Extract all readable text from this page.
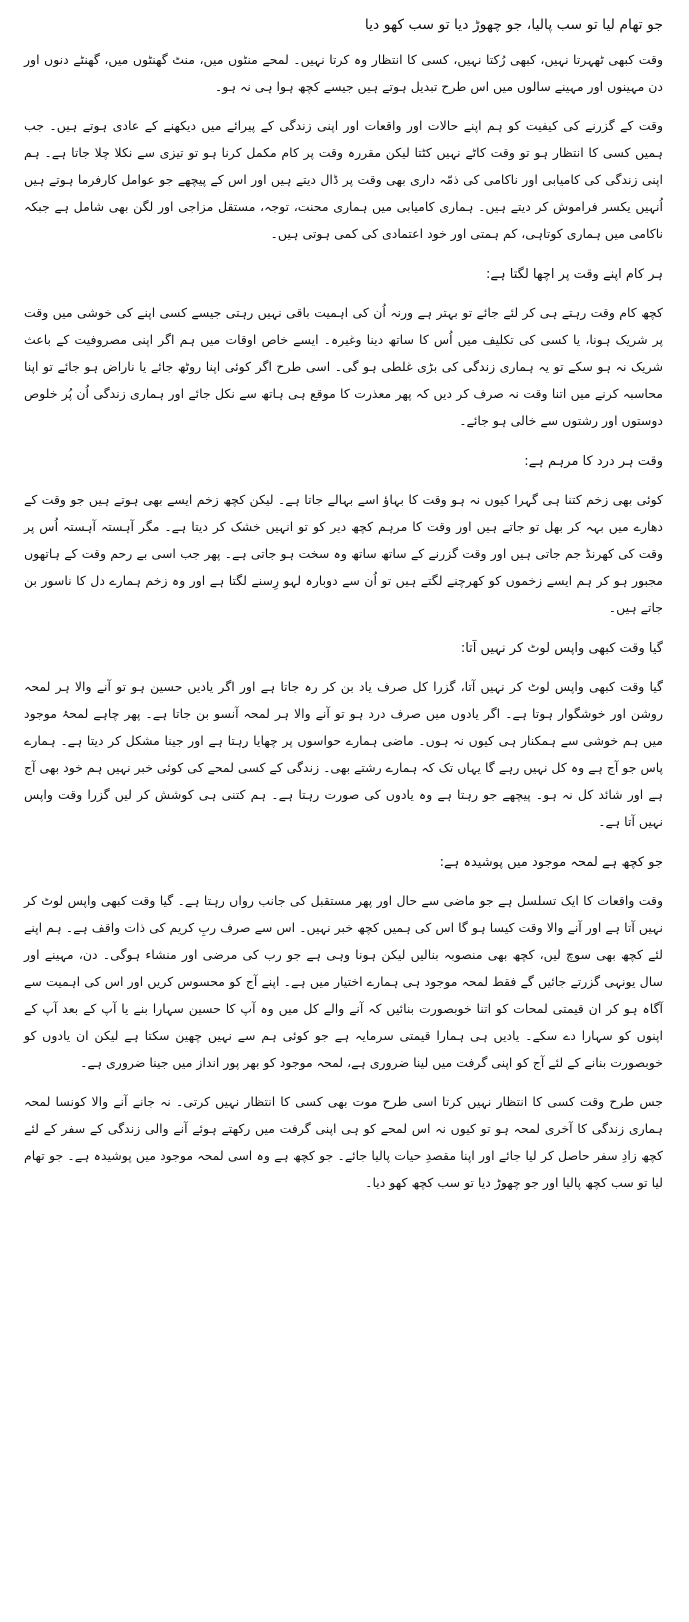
جو تھام لیا تو سب پالیا، جو چھوڑ دیا تو سب کھو دیا

وقت کبھی ٹھہرتا نہیں، کبھی رُکتا نہیں، کسی کا انتظار وہ کرتا نہیں۔ لمحے منٹوں میں، منٹ گھنٹوں میں، گھنٹے دنوں اور دن مہینوں اور مہینے سالوں میں اس طرح تبدیل ہوتے ہیں جیسے کچھ ہوا ہی نہ ہو۔

وقت کے گزرنے کی کیفیت کو ہم اپنے حالات اور واقعات اور اپنی زندگی کے پیرائے میں دیکھنے کے عادی ہوتے ہیں۔ جب ہمیں کسی کا انتظار ہو تو وقت کاٹے نہیں کٹتا لیکن مقررہ وقت پر کام مکمل کرنا ہو تو تیزی سے نکلا چلا جاتا ہے۔ ہم اپنی زندگی کی کامیابی اور ناکامی کی ذمّہ داری بھی وقت پر ڈال دیتے ہیں اور اس کے پیچھے جو عوامل کارفرما ہوتے ہیں اُنہیں یکسر فراموش کر دیتے ہیں۔ ہماری کامیابی میں ہماری محنت، توجہ، مستقل مزاجی اور لگن بھی شامل ہے جبکہ ناکامی میں ہماری کوتاہی، کم ہمتی اور خود اعتمادی کی کمی ہوتی ہیں۔

ہر کام اپنے وقت پر اچھا لگتا ہے:

کچھ کام وقت رہتے ہی کر لئے جائے تو بہتر ہے ورنہ اُن کی اہمیت باقی نہیں رہتی جیسے کسی اپنے کی خوشی میں وقت پر شریک ہونا، یا کسی کی تکلیف میں اُس کا ساتھ دینا وغیرہ۔ ایسے خاص اوقات میں ہم اگر اپنی مصروفیت کے باعث شریک نہ ہو سکے تو یہ ہماری زندگی کی بڑی غلطی ہو گی۔ اسی طرح اگر کوئی اپنا روٹھ جائے یا ناراض ہو جائے تو اپنا محاسبہ کرنے میں اتنا وقت نہ صرف کر دیں کہ پھر معذرت کا موقع ہی ہاتھ سے نکل جائے اور ہماری زندگی اُن پُر خلوص دوستوں اور رشتوں سے خالی ہو جائے۔

وقت ہر درد کا مرہم ہے:

کوئی بھی زخم کتنا ہی گہرا کیوں نہ ہو وقت کا بہاؤ اسے بہالے جاتا ہے۔ لیکن کچھ زخم ایسے بھی ہوتے ہیں جو وقت کے دھارے میں بہہ کر بھل تو جاتے ہیں اور وقت کا مرہم کچھ دیر کو تو انہیں خشک کر دیتا ہے۔ مگر آہستہ آہستہ اُس پر وقت کی کھرنڈ جم جاتی ہیں اور وقت گزرنے کے ساتھ ساتھ وہ سخت ہو جاتی ہے۔ پھر جب اسی بے رحم وقت کے ہاتھوں مجبور ہو کر ہم ایسے زخموں کو کھرچنے لگتے ہیں تو اُن سے دوبارہ لہو رِسنے لگتا ہے اور وہ زخم ہمارے دل کا ناسور بن جاتے ہیں۔

گیا وقت کبھی واپس لوٹ کر نہیں آتا:

گیا وقت کبھی واپس لوٹ کر نہیں آتا، گزرا کل صرف یاد بن کر رہ جاتا ہے اور اگر یادیں حسین ہو تو آنے والا ہر لمحہ روشن اور خوشگوار ہوتا ہے۔ اگر یادوں میں صرف درد ہو تو آنے والا ہر لمحہ آنسو بن جاتا ہے۔ پھر چاہے لمحۂ موجود میں ہم خوشی سے ہمکنار ہی کیوں نہ ہوں۔ ماضی ہمارے حواسوں پر چھایا رہتا ہے اور جینا مشکل کر دیتا ہے۔ ہمارے پاس جو آج ہے وہ کل نہیں رہے گا یہاں تک کہ ہمارے رشتے بھی۔ زندگی کے کسی لمحے کی کوئی خبر نہیں ہم خود بھی آج ہے اور شائد کل نہ ہو۔ پیچھے جو رہتا ہے وہ یادوں کی صورت رہتا ہے۔ ہم کتنی ہی کوشش کر لیں گزرا وقت واپس نہیں آتا ہے۔

جو کچھ ہے لمحہ موجود میں پوشیدہ ہے:

وقت واقعات کا ایک تسلسل ہے جو ماضی سے حال اور پھر مستقبل کی جانب رواں رہتا ہے۔ گیا وقت کبھی واپس لوٹ کر نہیں آتا ہے اور آنے والا وقت کیسا ہو گا اس کی ہمیں کچھ خبر نہیں۔ اس سے صرف ربِ کریم کی ذات واقف ہے۔ ہم اپنے لئے کچھ بھی سوچ لیں، کچھ بھی منصوبہ بنالیں لیکن ہونا وہی ہے جو رب کی مرضی اور منشاء ہوگی۔ دن، مہینے اور سال یونہی گزرتے جائیں گے فقط لمحہ موجود ہی ہمارے اختیار میں ہے۔ اپنے آج کو محسوس کریں اور اس کی اہمیت سے آگاہ ہو کر ان قیمتی لمحات کو اتنا خوبصورت بنائیں کہ آنے والے کل میں وہ آپ کا حسین سہارا بنے یا آپ کے بعد آپ کے اپنوں کو سہارا دے سکے۔ یادیں ہی ہمارا قیمتی سرمایہ ہے جو کوئی ہم سے نہیں چھین سکتا ہے لیکن ان یادوں کو خوبصورت بنانے کے لئے آج کو اپنی گرفت میں لینا ضروری ہے، لمحہ موجود کو بھر پور انداز میں جینا ضروری ہے۔

جس طرح وقت کسی کا انتظار نہیں کرتا اسی طرح موت بھی کسی کا انتظار نہیں کرتی۔ نہ جانے آنے والا کونسا لمحہ ہماری زندگی کا آخری لمحہ ہو تو کیوں نہ اس لمحے کو ہی اپنی گرفت میں رکھتے ہوئے آنے والی زندگی کے سفر کے لئے کچھ زادِ سفر حاصل کر لیا جائے اور اپنا مقصدِ حیات پالیا جائے۔ جو کچھ ہے وہ اسی لمحہ موجود میں پوشیدہ ہے۔ جو تھام لیا تو سب کچھ پالیا اور جو چھوڑ دیا تو سب کچھ کھو دیا۔
